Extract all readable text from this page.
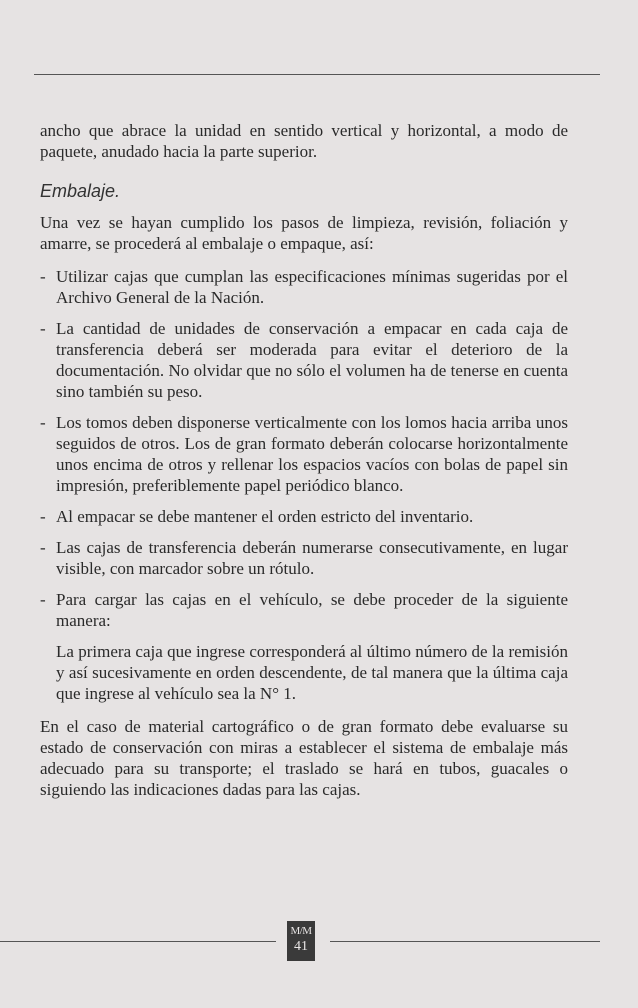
ancho que abrace la unidad en sentido vertical y horizontal, a modo de paquete, anudado hacia la parte superior.

Embalaje.

Una vez se hayan cumplido los pasos de limpieza, revisión, foliación y amarre, se procederá al embalaje o empaque, así:

- Utilizar cajas que cumplan las especificaciones mínimas sugeridas por el Archivo General de la Nación.
- La cantidad de unidades de conservación a empacar en cada caja de transferencia deberá ser moderada para evitar el deterioro de la documentación. No olvidar que no sólo el volumen ha de tenerse en cuenta sino también su peso.
- Los tomos deben disponerse verticalmente con los lomos hacia arriba unos seguidos de otros. Los de gran formato deberán colocarse horizontalmente unos encima de otros y rellenar los espacios vacíos con bolas de papel sin impresión, preferiblemente papel periódico blanco.
- Al empacar se debe mantener el orden estricto del inventario.
- Las cajas de transferencia deberán numerarse consecutivamente, en lugar visible, con marcador sobre un rótulo.
- Para cargar las cajas en el vehículo, se debe proceder de la siguiente manera:

La primera caja que ingrese corresponderá al último número de la remisión y así sucesivamente en orden descendente, de tal manera que la última caja que ingrese al vehículo sea la N° 1.

En el caso de material cartográfico o de gran formato debe evaluarse su estado de conservación con miras a establecer el sistema de embalaje más adecuado para su transporte; el traslado se hará en tubos, guacales o siguiendo las indicaciones dadas para las cajas.

M/M
41
